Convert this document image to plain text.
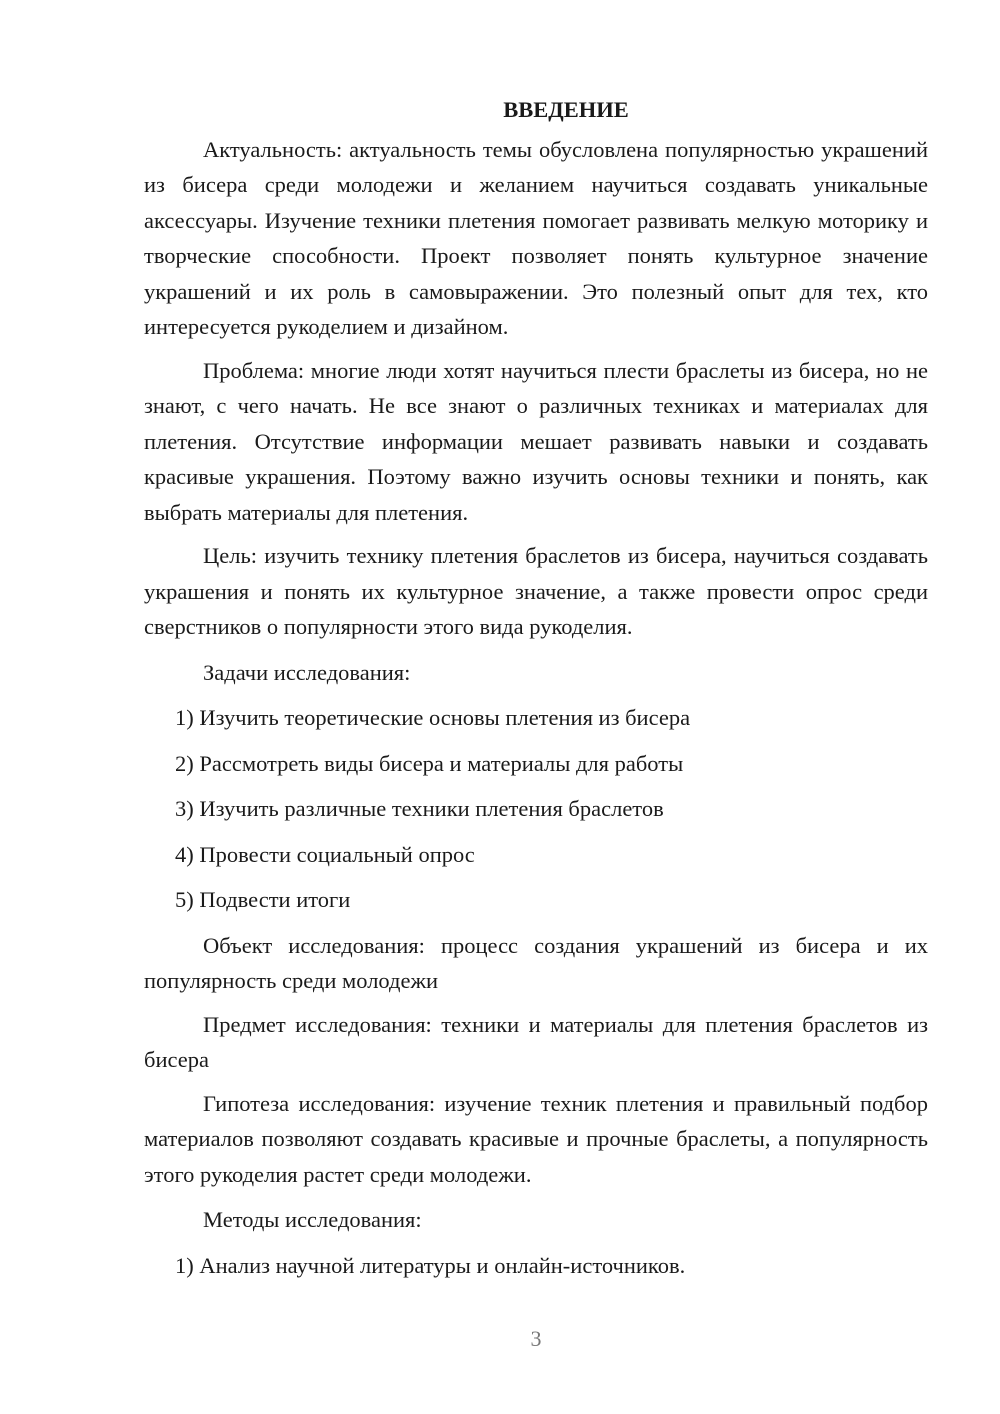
ВВЕДЕНИЕ

Актуальность: актуальность темы обусловлена популярностью украшений из бисера среди молодежи и желанием научиться создавать уникальные аксессуары. Изучение техники плетения помогает развивать мелкую моторику и творческие способности. Проект позволяет понять культурное значение украшений и их роль в самовыражении. Это полезный опыт для тех, кто интересуется рукоделием и дизайном.

Проблема: многие люди хотят научиться плести браслеты из бисера, но не знают, с чего начать. Не все знают о различных техниках и материалах для плетения. Отсутствие информации мешает развивать навыки и создавать красивые украшения. Поэтому важно изучить основы техники и понять, как выбрать материалы для плетения.

Цель: изучить технику плетения браслетов из бисера, научиться создавать украшения и понять их культурное значение, а также провести опрос среди сверстников о популярности этого вида рукоделия.

Задачи исследования:

1) Изучить теоретические основы плетения из бисера

2) Рассмотреть виды бисера и материалы для работы

3) Изучить различные техники плетения браслетов

4) Провести социальный опрос

5) Подвести итоги

Объект исследования: процесс создания украшений из бисера и их популярность среди молодежи

Предмет исследования: техники и материалы для плетения браслетов из бисера

Гипотеза исследования: изучение техник плетения и правильный подбор материалов позволяют создавать красивые и прочные браслеты, а популярность этого рукоделия растет среди молодежи.

Методы исследования:

1) Анализ научной литературы и онлайн-источников.

3
